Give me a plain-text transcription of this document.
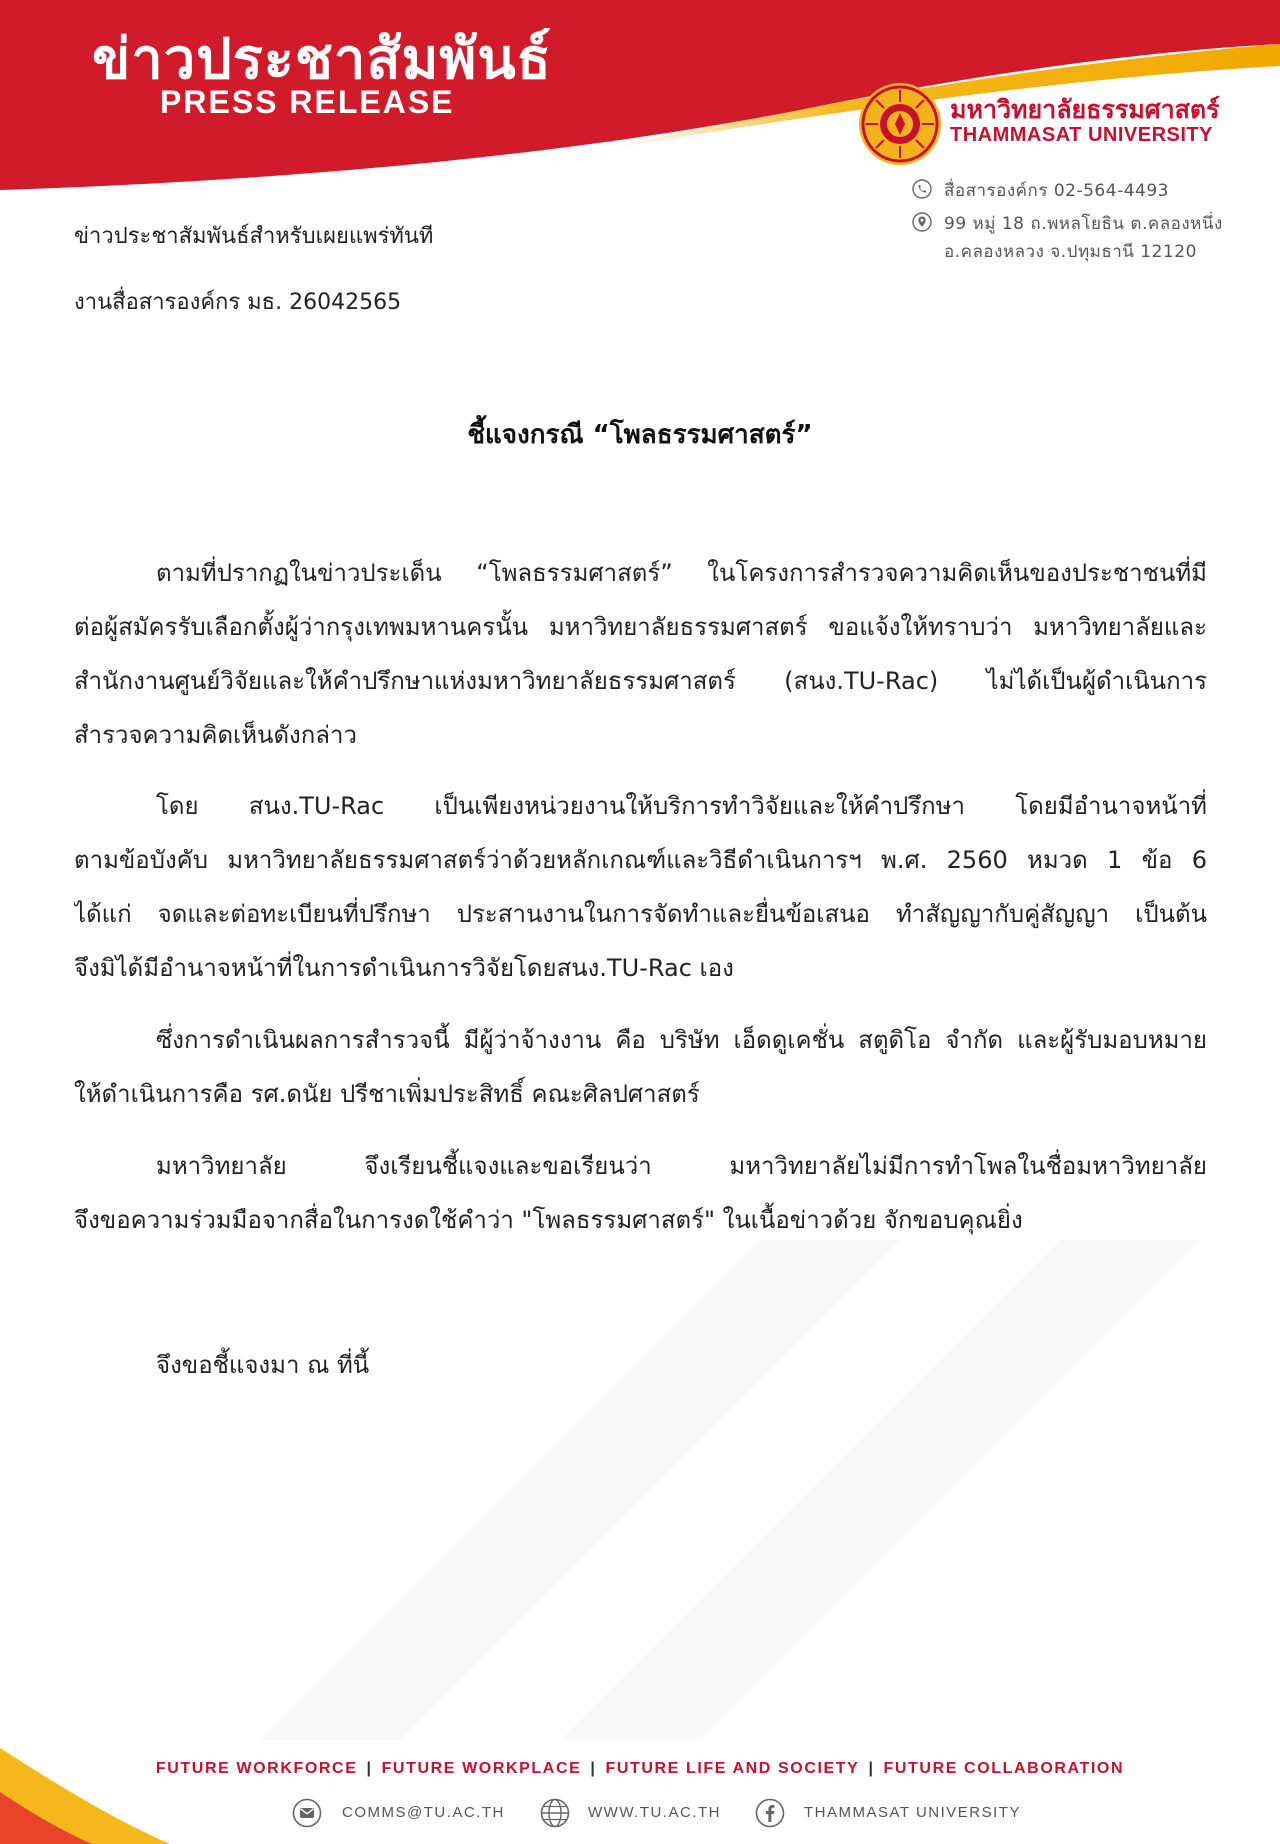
ข่าวประชาสัมพันธ์
PRESS RELEASE	มหาวิทยาลัยธรรมศาสตร์
THAMMASAT UNIVERSITY
สื่อสารองค์กร 02-564-4493
99 หมู่ 18 ถ.พหลโยธิน ต.คลองหนึ่ง
อ.คลองหลวง จ.ปทุมธานี 12120
ข่าวประชาสัมพันธ์สำหรับเผยแพร่ทันที
งานสื่อสารองค์กร มธ. 26042565
ชี้แจงกรณี “โพลธรรมศาสตร์”
ตามที่ปรากฏในข่าวประเด็น “โพลธรรมศาสตร์” ในโครงการสำรวจความคิดเห็นของประชาชนที่มี
ต่อผู้สมัครรับเลือกตั้งผู้ว่ากรุงเทพมหานครนั้น มหาวิทยาลัยธรรมศาสตร์ ขอแจ้งให้ทราบว่า มหาวิทยาลัยและ
สำนักงานศูนย์วิจัยและให้คำปรึกษาแห่งมหาวิทยาลัยธรรมศาสตร์ (สนง.TU-Rac) ไม่ได้เป็นผู้ดำเนินการ
สำรวจความคิดเห็นดังกล่าว
โดย สนง.TU-Rac เป็นเพียงหน่วยงานให้บริการทำวิจัยและให้คำปรึกษา โดยมีอำนาจหน้าที่
ตามข้อบังคับ มหาวิทยาลัยธรรมศาสตร์ว่าด้วยหลักเกณฑ์และวิธีดำเนินการฯ พ.ศ. 2560 หมวด 1 ข้อ 6
ได้แก่ จดและต่อทะเบียนที่ปรึกษา ประสานงานในการจัดทำและยื่นข้อเสนอ ทำสัญญากับคู่สัญญา เป็นต้น
จึงมิได้มีอำนาจหน้าที่ในการดำเนินการวิจัยโดยสนง.TU-Rac เอง
ซึ่งการดำเนินผลการสำรวจนี้ มีผู้ว่าจ้างงาน คือ บริษัท เอ็ดดูเคชั่น สตูดิโอ จำกัด และผู้รับมอบหมาย
ให้ดำเนินการคือ รศ.ดนัย ปรีชาเพิ่มประสิทธิ์ คณะศิลปศาสตร์
มหาวิทยาลัย จึงเรียนชี้แจงและขอเรียนว่า มหาวิทยาลัยไม่มีการทำโพลในชื่อมหาวิทยาลัย
จึงขอความร่วมมือจากสื่อในการงดใช้คำว่า "โพลธรรมศาสตร์" ในเนื้อข่าวด้วย จักขอบคุณยิ่ง
จึงขอชี้แจงมา ณ ที่นี้
FUTURE WORKFORCE | FUTURE WORKPLACE | FUTURE LIFE AND SOCIETY | FUTURE COLLABORATION
COMMS@TU.AC.TH	WWW.TU.AC.TH	THAMMASAT UNIVERSITY
